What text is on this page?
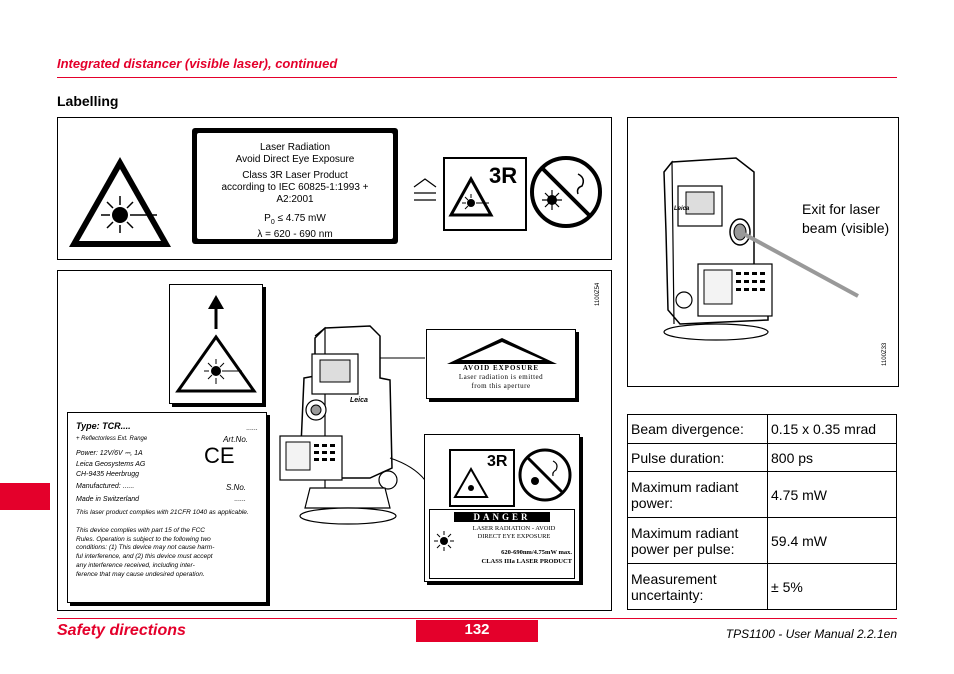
Integrated distancer (visible laser), continued
Labelling
Laser Radiation
Avoid Direct Eye Exposure
Class 3R Laser Product
according to IEC 60825-1:1993 +
A2:2001
$P_0 \le 4.75$ mW
λ = 620 - 690 nm
3R
1100Z54
Leica
AVOID EXPOSURE
Laser radiation is emitted
from this aperture
3R
DANGER
LASER RADIATION - AVOID
DIRECT EYE EXPOSURE
620-690nm/4.75mW max.
CLASS IIIa LASER PRODUCT
Type: TCR....	......
+ Reflectorless Ext. Range	Art.No.
Power: 12V/6V ⎓, 1A
Leica Geosystems AG
CH-9435 Heerbrugg
Manufactured: ......
CE
S.No.
Made in Switzerland	......
This laser product complies with 21CFR 1040 as applicable.
This device complies with part 15 of the FCC
Rules. Operation is subject to the following two
conditions: (1) This device may not cause harm-
ful interference, and (2) this device must accept
any interference received, including inter-
ference that may cause undesired operation.
Leica	Exit for laser beam (visible)
1100Z33
Beam divergence:	0.15 x 0.35 mrad
Pulse duration:	800 ps
Maximum radiant power:	4.75 mW
Maximum radiant power per pulse:	59.4 mW
Measurement uncertainty:	± 5%
Safety directions	132	TPS1100 - User Manual 2.2.1en
